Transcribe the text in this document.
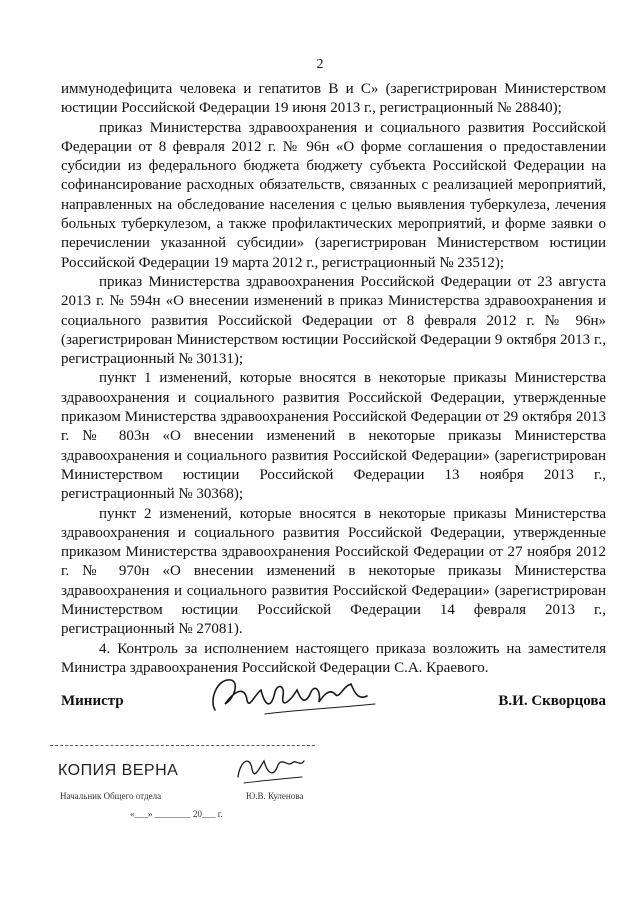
2

иммунодефицита человека и гепатитов В и С» (зарегистрирован Министерством юстиции Российской Федерации 19 июня 2013 г., регистрационный № 28840);

приказ Министерства здравоохранения и социального развития Российской Федерации от 8 февраля 2012 г. № 96н «О форме соглашения о предоставлении субсидии из федерального бюджета бюджету субъекта Российской Федерации на софинансирование расходных обязательств, связанных с реализацией мероприятий, направленных на обследование населения с целью выявления туберкулеза, лечения больных туберкулезом, а также профилактических мероприятий, и форме заявки о перечислении указанной субсидии» (зарегистрирован Министерством юстиции Российской Федерации 19 марта 2012 г., регистрационный № 23512);

приказ Министерства здравоохранения Российской Федерации от 23 августа 2013 г. № 594н «О внесении изменений в приказ Министерства здравоохранения и социального развития Российской Федерации от 8 февраля 2012 г. № 96н» (зарегистрирован Министерством юстиции Российской Федерации 9 октября 2013 г., регистрационный № 30131);

пункт 1 изменений, которые вносятся в некоторые приказы Министерства здравоохранения и социального развития Российской Федерации, утвержденные приказом Министерства здравоохранения Российской Федерации от 29 октября 2013 г. № 803н «О внесении изменений в некоторые приказы Министерства здравоохранения и социального развития Российской Федерации» (зарегистрирован Министерством юстиции Российской Федерации 13 ноября 2013 г., регистрационный № 30368);

пункт 2 изменений, которые вносятся в некоторые приказы Министерства здравоохранения и социального развития Российской Федерации, утвержденные приказом Министерства здравоохранения Российской Федерации от 27 ноября 2012 г. № 970н «О внесении изменений в некоторые приказы Министерства здравоохранения и социального развития Российской Федерации» (зарегистрирован Министерством юстиции Российской Федерации 14 февраля 2013 г., регистрационный № 27081).

4. Контроль за исполнением настоящего приказа возложить на заместителя Министра здравоохранения Российской Федерации С.А. Краевого.

Министр	В.И. Скворцова
КОПИЯ ВЕРНА
Начальник Общего отдела	Ю.В. Куленова
«___» ________ 20___ г.
